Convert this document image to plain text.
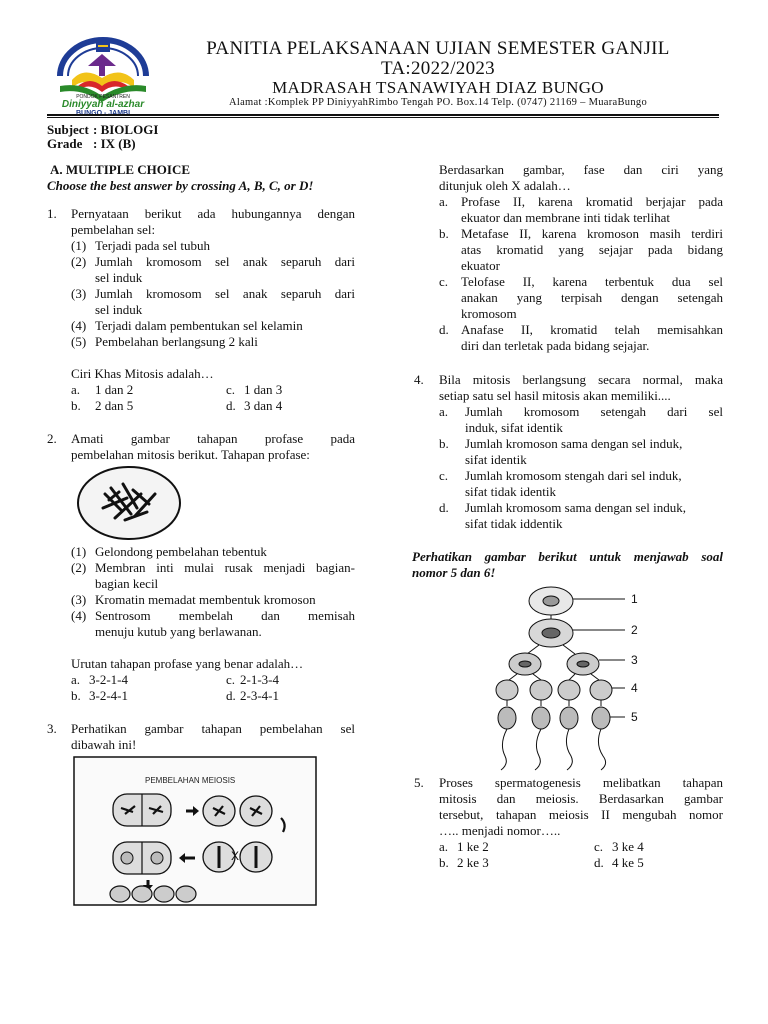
PONDOK PESANTREN
Diniyyah al-azhar
BUNGO - JAMBI
PANITIA PELAKSANAAN UJIAN SEMESTER GANJIL
TA:2022/2023
MADRASAH TSANAWIYAH DIAZ BUNGO
Alamat :Komplek PP DiniyyahRimbo Tengah PO. Box.14 Telp. (0747) 21169 – MuaraBungo
Subject : BIOLOGI
Grade : IX (B)
A. MULTIPLE CHOICE
Choose the best answer by crossing A, B, C, or D!
1. Pernyataan berikut ada hubungannya dengan
pembelahan sel:
(1) Terjadi pada sel tubuh
(2) Jumlah kromosom sel anak separuh dari
sel induk
(3) Jumlah kromosom sel anak separuh dari
sel induk
(4) Terjadi dalam pembentukan sel kelamin
(5) Pembelahan berlangsung 2 kali
Ciri Khas Mitosis adalah…
a. 1 dan 2	c. 1 dan 3
b. 2 dan 5	d. 3 dan 4
2. Amati gambar tahapan profase pada
pembelahan mitosis berikut. Tahapan profase:
(1) Gelondong pembelahan tebentuk
(2) Membran inti mulai rusak menjadi bagian-
bagian kecil
(3) Kromatin memadat membentuk kromoson
(4) Sentrosom membelah dan memisah
menuju kutub yang berlawanan.
Urutan tahapan profase yang benar adalah…
a. 3-2-1-4	c. 2-1-3-4
b. 3-2-4-1	d. 2-3-4-1
3. Perhatikan gambar tahapan pembelahan sel
dibawah ini!
PEMBELAHAN MEIOSIS
X
Berdasarkan gambar, fase dan ciri yang
ditunjuk oleh X adalah…
a. Profase II, karena kromatid berjajar pada
ekuator dan membrane inti tidak terlihat
b. Metafase II, karena kromoson masih terdiri
atas kromatid yang sejajar pada bidang
ekuator
c. Telofase II, karena terbentuk dua sel
anakan yang terpisah dengan setengah
kromosom
d. Anafase II, kromatid telah memisahkan
diri dan terletak pada bidang sejajar.
4. Bila mitosis berlangsung secara normal, maka
setiap satu sel hasil mitosis akan memiliki....
a. Jumlah kromosom setengah dari sel
induk, sifat identik
b. Jumlah kromoson sama dengan sel induk,
sifat identik
c. Jumlah kromosom stengah dari sel induk,
sifat tidak identik
d. Jumlah kromosom sama dengan sel induk,
sifat tidak iddentik
Perhatikan gambar berikut untuk menjawab soal
nomor 5 dan 6!
1
2
3
4
5
5. Proses spermatogenesis melibatkan tahapan
mitosis dan meiosis. Berdasarkan gambar
tersebut, tahapan meiosis II mengubah nomor
….. menjadi nomor…..
a. 1 ke 2	c. 3 ke 4
b. 2 ke 3	d. 4 ke 5
